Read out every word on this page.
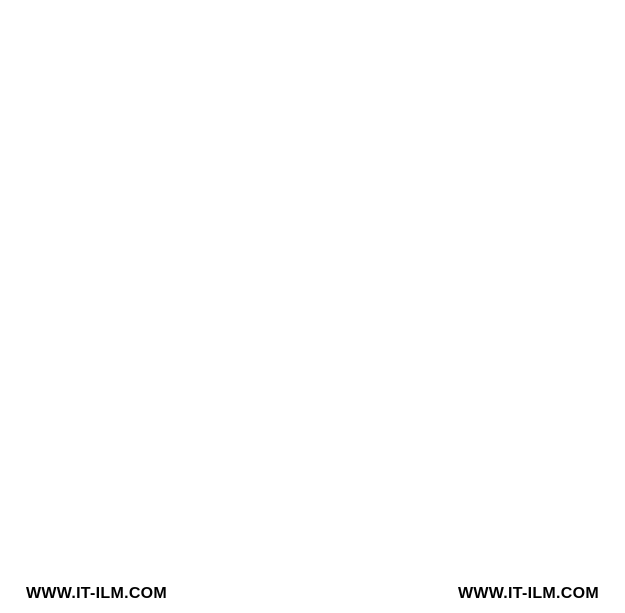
WWW.IT-ILM.COM	WWW.IT-ILM.COM
